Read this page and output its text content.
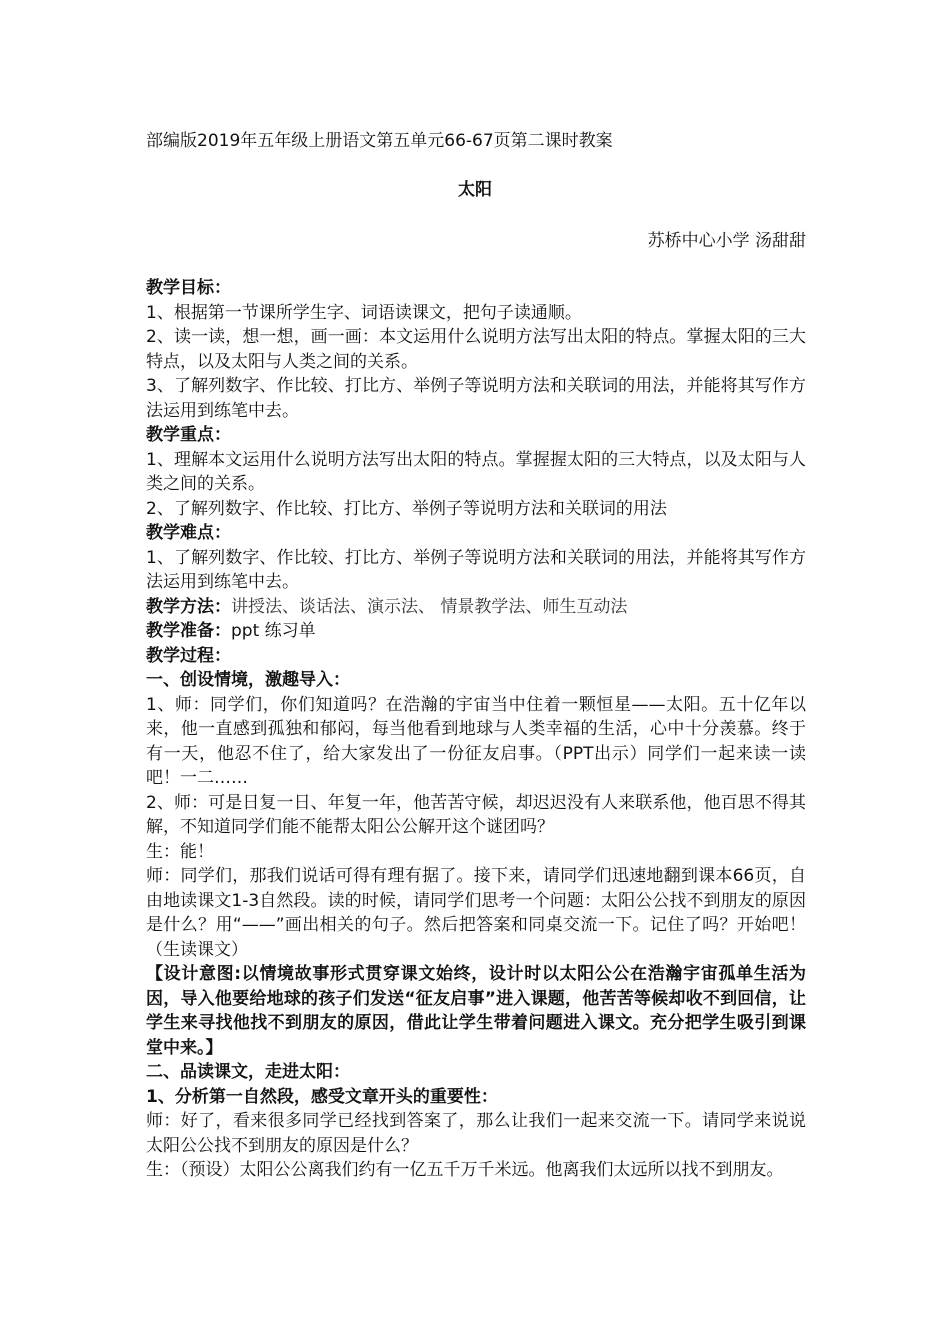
部编版2019年五年级上册语文第五单元66-67页第二课时教案
太阳
苏桥中心小学 汤甜甜

教学目标：

1、根据第一节课所学生字、词语读课文，把句子读通顺。

2、读一读，想一想，画一画：本文运用什么说明方法写出太阳的特点。掌握太阳的三大特点，以及太阳与人类之间的关系。

3、了解列数字、作比较、打比方、举例子等说明方法和关联词的用法，并能将其写作方法运用到练笔中去。

教学重点：

1、理解本文运用什么说明方法写出太阳的特点。掌握握太阳的三大特点，以及太阳与人类之间的关系。

2、了解列数字、作比较、打比方、举例子等说明方法和关联词的用法

教学难点：

1、了解列数字、作比较、打比方、举例子等说明方法和关联词的用法，并能将其写作方法运用到练笔中去。

教学方法：讲授法、谈话法、演示法、 情景教学法、师生互动法

教学准备：ppt 练习单

教学过程：

一、创设情境，激趣导入：

1、师：同学们，你们知道吗？在浩瀚的宇宙当中住着一颗恒星——太阳。五十亿年以来，他一直感到孤独和郁闷，每当他看到地球与人类幸福的生活，心中十分羡慕。终于有一天，他忍不住了，给大家发出了一份征友启事。（PPT出示）同学们一起来读一读吧！一二……

2、师：可是日复一日、年复一年，他苦苦守候，却迟迟没有人来联系他，他百思不得其解，不知道同学们能不能帮太阳公公解开这个谜团吗？

生：能！

师：同学们，那我们说话可得有理有据了。接下来，请同学们迅速地翻到课本66页，自由地读课文1-3自然段。读的时候，请同学们思考一个问题：太阳公公找不到朋友的原因是什么？用“——”画出相关的句子。然后把答案和同桌交流一下。记住了吗？开始吧！（生读课文）

【设计意图:以情境故事形式贯穿课文始终，设计时以太阳公公在浩瀚宇宙孤单生活为因，导入他要给地球的孩子们发送“征友启事”进入课题，他苦苦等候却收不到回信，让学生来寻找他找不到朋友的原因，借此让学生带着问题进入课文。充分把学生吸引到课堂中来。】

二、品读课文，走进太阳：

1、分析第一自然段，感受文章开头的重要性：

师：好了，看来很多同学已经找到答案了，那么让我们一起来交流一下。请同学来说说太阳公公找不到朋友的原因是什么？

生：（预设）太阳公公离我们约有一亿五千万千米远。他离我们太远所以找不到朋友。
